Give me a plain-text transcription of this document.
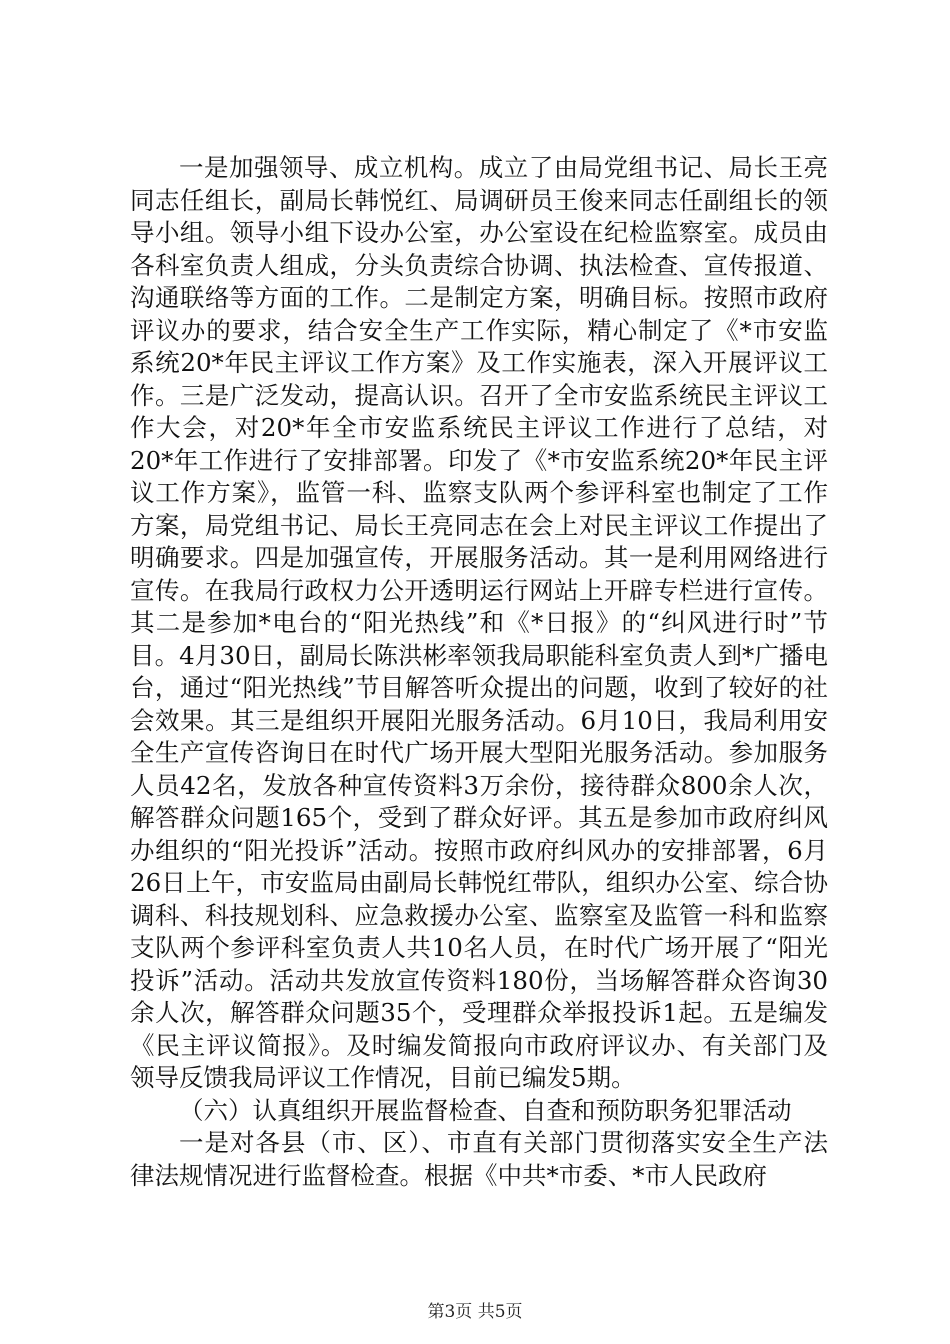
一是加强领导、成立机构。成立了由局党组书记、局长王亮同志任组长，副局长韩悦红、局调研员王俊来同志任副组长的领导小组。领导小组下设办公室，办公室设在纪检监察室。成员由各科室负责人组成，分头负责综合协调、执法检查、宣传报道、沟通联络等方面的工作。二是制定方案，明确目标。按照市政府评议办的要求，结合安全生产工作实际，精心制定了《*市安监系统20*年民主评议工作方案》及工作实施表，深入开展评议工作。三是广泛发动，提高认识。召开了全市安监系统民主评议工作大会，对20*年全市安监系统民主评议工作进行了总结，对20*年工作进行了安排部署。印发了《*市安监系统20*年民主评议工作方案》，监管一科、监察支队两个参评科室也制定了工作方案，局党组书记、局长王亮同志在会上对民主评议工作提出了明确要求。四是加强宣传，开展服务活动。其一是利用网络进行宣传。在我局行政权力公开透明运行网站上开辟专栏进行宣传。其二是参加*电台的“阳光热线”和《*日报》的“纠风进行时”节目。4月30日，副局长陈洪彬率领我局职能科室负责人到*广播电台，通过“阳光热线”节目解答听众提出的问题，收到了较好的社会效果。其三是组织开展阳光服务活动。6月10日，我局利用安全生产宣传咨询日在时代广场开展大型阳光服务活动。参加服务人员42名，发放各种宣传资料3万余份，接待群众800余人次，解答群众问题165个，受到了群众好评。其五是参加市政府纠风办组织的“阳光投诉”活动。按照市政府纠风办的安排部署，6月26日上午，市安监局由副局长韩悦红带队，组织办公室、综合协调科、科技规划科、应急救援办公室、监察室及监管一科和监察支队两个参评科室负责人共10名人员，在时代广场开展了“阳光投诉”活动。活动共发放宣传资料180份，当场解答群众咨询30余人次，解答群众问题35个，受理群众举报投诉1起。五是编发《民主评议简报》。及时编发简报向市政府评议办、有关部门及领导反馈我局评议工作情况，目前已编发5期。

（六）认真组织开展监督检查、自查和预防职务犯罪活动

一是对各县（市、区）、市直有关部门贯彻落实安全生产法律法规情况进行监督检查。根据《中共*市委、*市人民政府

第3页 共5页
